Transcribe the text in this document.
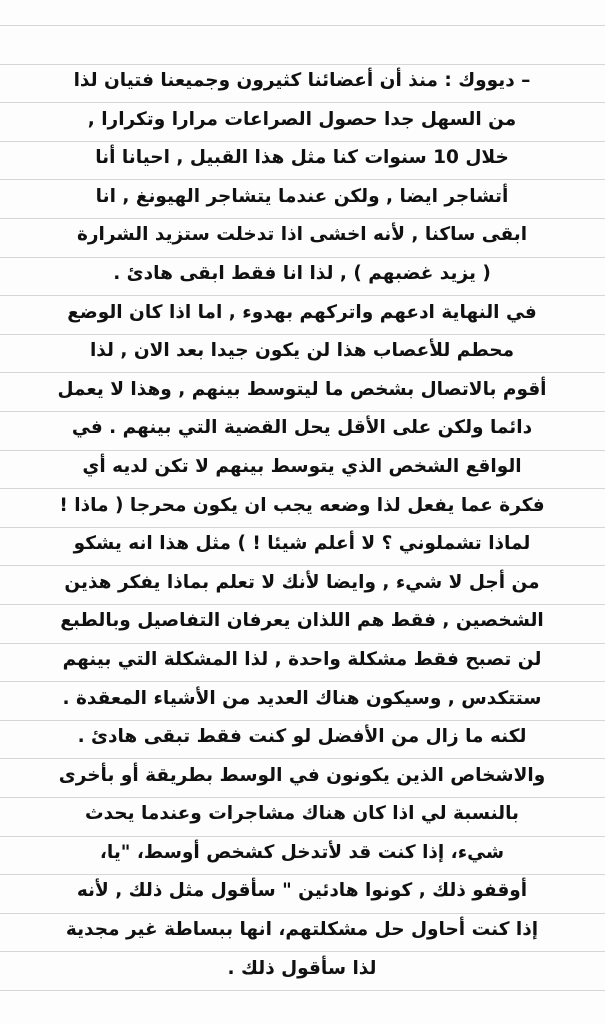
– ديووك : منذ أن أعضائنا كثيرون وجميعنا فتيان لذا
من السهل جدا حصول الصراعات مرارا وتكرارا ,
خلال 10 سنوات كنا مثل هذا القبيل , احيانا أنا
أتشاجر ايضا , ولكن عندما يتشاجر الهيونغ , انا
ابقى ساكنا , لأنه اخشى اذا تدخلت ستزيد الشرارة
( يزيد غضبهم ) , لذا انا فقط ابقى هادئ .
في النهاية ادعهم واتركهم بهدوء , اما اذا كان الوضع
محطم للأعصاب هذا لن يكون جيدا بعد الان , لذا
أقوم بالاتصال بشخص ما ليتوسط بينهم , وهذا لا يعمل
دائما ولكن على الأقل يحل القضية التي بينهم . في
الواقع الشخص الذي يتوسط بينهم لا تكن لديه أي
فكرة عما يفعل لذا وضعه يجب ان يكون محرجا ( ماذا !
لماذا تشملوني ؟ لا أعلم شيئا ! ) مثل هذا انه يشكو
من أجل لا شيء , وايضا لأنك لا تعلم بماذا يفكر هذين
الشخصين , فقط هم اللذان يعرفان التفاصيل وبالطبع
لن تصبح فقط مشكلة واحدة , لذا المشكلة التي بينهم
ستتكدس , وسيكون هناك العديد من الأشياء المعقدة .
لكنه ما زال من الأفضل لو كنت فقط تبقى هادئ .
والاشخاص الذين يكونون في الوسط بطريقة أو بأخرى
بالنسبة لي اذا كان هناك مشاجرات وعندما يحدث
شيء، إذا كنت قد لأتدخل كشخص أوسط، "يا،
أوقفو ذلك , كونوا هادئين " سأقول مثل ذلك , لأنه
إذا كنت أحاول حل مشكلتهم، انها ببساطة غير مجدية
لذا سأقول ذلك .
